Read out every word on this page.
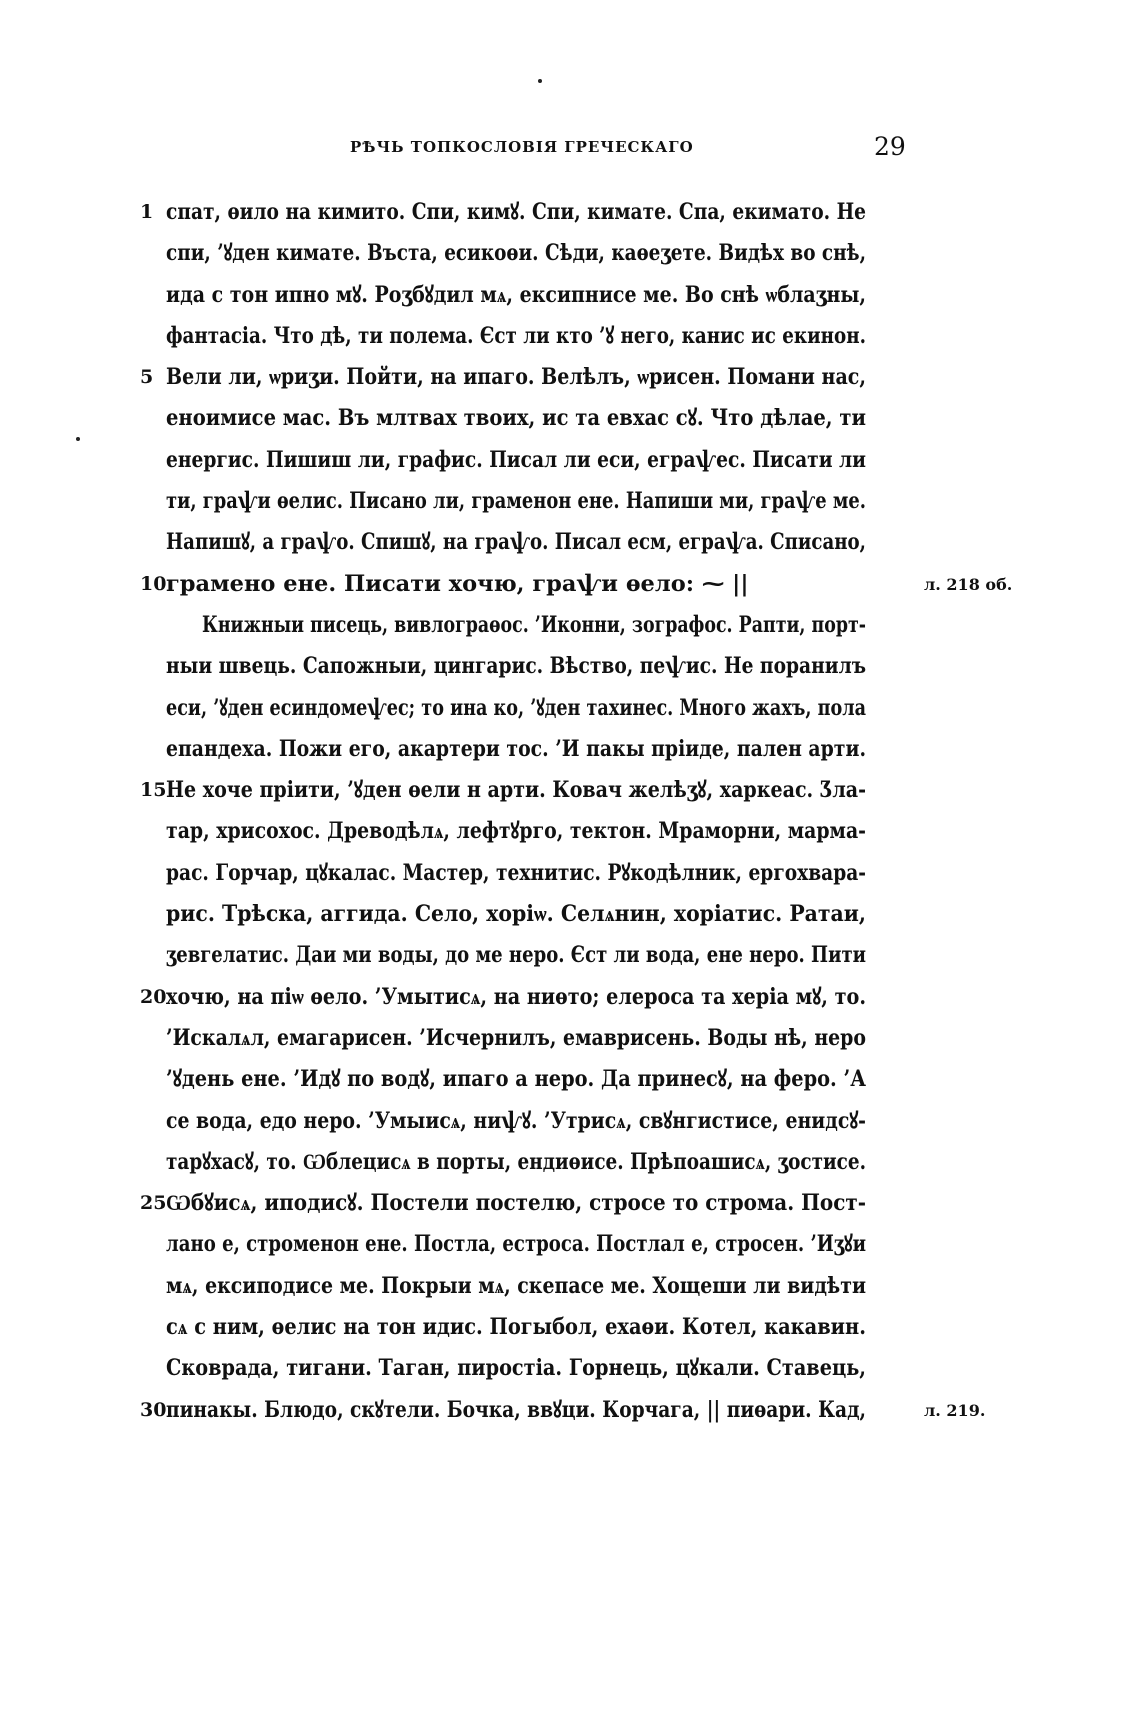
РѢЧЬ ТОПКОСЛОВІЯ ГРЕЧЕСКАГО	29
1 спат, ѳило на кимито. Спи, кимꙋ. Спи, кимате. Спа, екимато. Не
спи, ’ꙋден кимате. Въста, есикоѳи. Сѣди, каѳеӡете. Видѣх во снѣ,
ида с тон ипно мꙋ. Роӡбꙋдил мѧ, ексипнисе ме. Во снѣ ѡблаӡны,
фантасіа. Что дѣ, ти полема. Єст ли кто ’ꙋ него, канис ис екинон.
5 Вели ли, ѡриӡи. Пойти, на ипаго. Велѣлъ, ѡрисен. Помани нас,
еноимисе мас. Въ млтвах твоих, ис та евхас сꙋ. Что дѣлае, ти
енергис. Пишиш ли, графис. Писал ли еси, еграѱес. Писати ли
ти, граѱи ѳелис. Писано ли, граменон ене. Напиши ми, граѱе ме.
Напишꙋ, а граѱо. Спишꙋ, на граѱо. Писал есм, еграѱа. Списано,
10 грамено ене. Писати хочю, граѱи ѳело: ⁓ ||	л. 218 об.
Книжныи писець, вивлограѳос. ’Иконни, зографос. Рапти, порт-
ныи швець. Сапожныи, цингарис. Вѣство, пеѱис. Не поранилъ
еси, ’ꙋден есиндомеѱес; то ина ко, ’ꙋден тахинес. Много жахъ, пола
епандеха. Пожи его, акартери тос. ’И пакы пріиде, пален арти.
15 Не хоче пріити, ’ꙋден ѳели н арти. Ковач желѣӡꙋ, харкеас. Ӡла-
тар, хрисохос. Древодѣлѧ, лефтꙋрго, тектон. Мраморни, марма-
рас. Горчар, цꙋкалас. Мастер, технитис. Рꙋкодѣлник, ергохвара-
рис. Трѣска, аггида. Село, хоріѡ. Селѧнин, хоріатис. Ратаи,
ӡевгелатис. Даи ми воды, до ме неро. Єст ли вода, ене неро. Пити
20 хочю, на піѡ ѳело. ’Умытисѧ, на ниѳто; елероса та херіа мꙋ, то.
’Искалѧл, емагарисен. ’Исчернилъ, емаврисень. Воды нѣ, неро
’ꙋдень ене. ’Идꙋ по водꙋ, ипаго а неро. Да принесꙋ, на феро. ’А
се вода, едо неро. ’Умыисѧ, ниѱꙋ. ’Утрисѧ, свꙋнгистисе, енидсꙋ-
тарꙋхасꙋ, то. Ѡблецисѧ в порты, ендиѳисе. Прѣпоашисѧ, ӡостисе.
25 Ѡбꙋисѧ, иподисꙋ. Постели постелю, стросе то строма. Пост-
лано е, строменон ене. Постла, естроса. Постлал е, стросен. ’Иӡꙋи
мѧ, ексиподисе ме. Покрыи мѧ, скепасе ме. Хощеши ли видѣти
сѧ с ним, ѳелис на тон идис. Погыбол, ехаѳи. Котел, какавин.
Сковрада, тигани. Таган, пиростіа. Горнець, цꙋкали. Ставець,
30 пинакы. Блюдо, скꙋтели. Бочка, ввꙋци. Корчага, || пиѳари. Кад,	л. 219.
